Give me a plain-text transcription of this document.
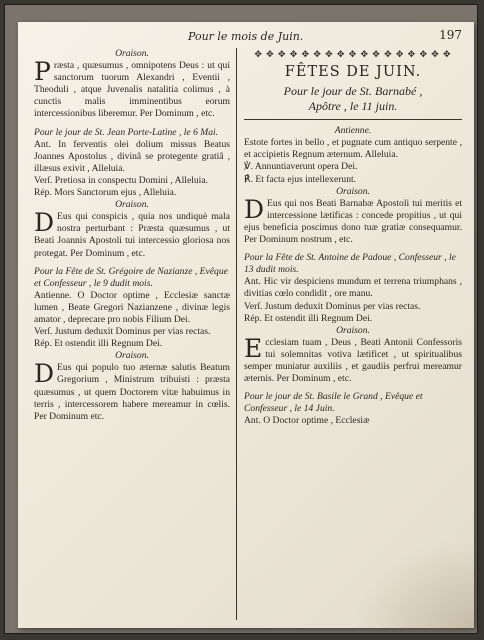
Pour le mois de Juin.	197
Oraison.

Præsta , quæsumus , omnipotens Deus : ut qui sanctorum tuorum Alexandri , Eventii , Theoduli , atque Juvenalis natalitia colimus , à cunctis malis imminentibus eorum intercessionibus liberemur. Per Dominum , etc.

Pour le jour de St. Jean Porte-Latine , le 6 Mai.

Ant. In ferventis olei dolium missus Beatus Joannes Apostolus , divinâ se protegente gratiâ , illæsus exivit , Alleluia.

Verſ. Pretiosa in conspectu Domini , Alleluia.

Rép. Mors Sanctorum ejus , Alleluia.

Oraison.

D Eus qui conspicis , quia nos undiquè mala nostra perturbant : Præsta quæsumus , ut Beati Joannis Apostoli tui intercessio gloriosa nos protegat. Per Dominum , etc.

Pour la Fête de St. Grégoire de Nazianze , Evêque et Confesseur , le 9 dudit mois.

Antienne. O Doctor optime , Ecclesiæ sanctæ lumen , Beate Gregori Nazianzene , divinæ legis amator , deprecare pro nobis Filium Dei.

Verſ. Justum deduxit Dominus per vias rectas.

Rép. Et ostendit illi Regnum Dei.

Oraison.

D Eus qui populo tuo æternæ salutis Beatum Gregorium , Ministrum tribuisti : præsta quæsumus , ut quem Doctorem vitæ habuimus in terris , intercessorem habere mereamur in cœlis. Per Dominum etc.

✥ ✥ ✥ ✥ ✥ ✥ ✥ ✥ ✥ ✥ ✥ ✥ ✥ ✥ ✥ ✥ ✥
FÊTES DE JUIN.
Pour le jour de St. Barnabé ,
Apôtre , le 11 juin.
Antienne.

Estote fortes in bello , et pugnate cum antiquo serpente , et accipietis Regnum æternum. Alleluia.

℣. Annuntiaverunt opera Dei.

℟. Et facta ejus intellexerunt.

Oraison.

D Eus qui nos Beati Barnabæ Apostoli tui meritis et intercessione lætificas : concede propitius , ut qui ejus beneficia poscimus dono tuæ gratiæ consequamur. Per Dominum nostrum , etc.

Pour la Fête de St. Antoine de Padoue , Confesseur , le 13 dudit mois.

Ant. Hic vir despiciens mundum et terrena triumphans , divitias cœlo condidit , ore manu.

Verſ. Justum deduxit Dominus per vias rectas.

Rép. Et ostendit illi Regnum Dei.

Oraison.

Ecclesiam tuam , Deus , Beati Antonii Confessoris tui solemnitas votiva lætificet , ut spiritualibus semper muniatur auxiliis , et gaudiis perfrui mereamur æternis. Per Dominum , etc.

Pour le jour de St. Basile le Grand , Evêque et Confesseur , le 14 Juin.

Ant. O Doctor optime , Ecclesiæ
